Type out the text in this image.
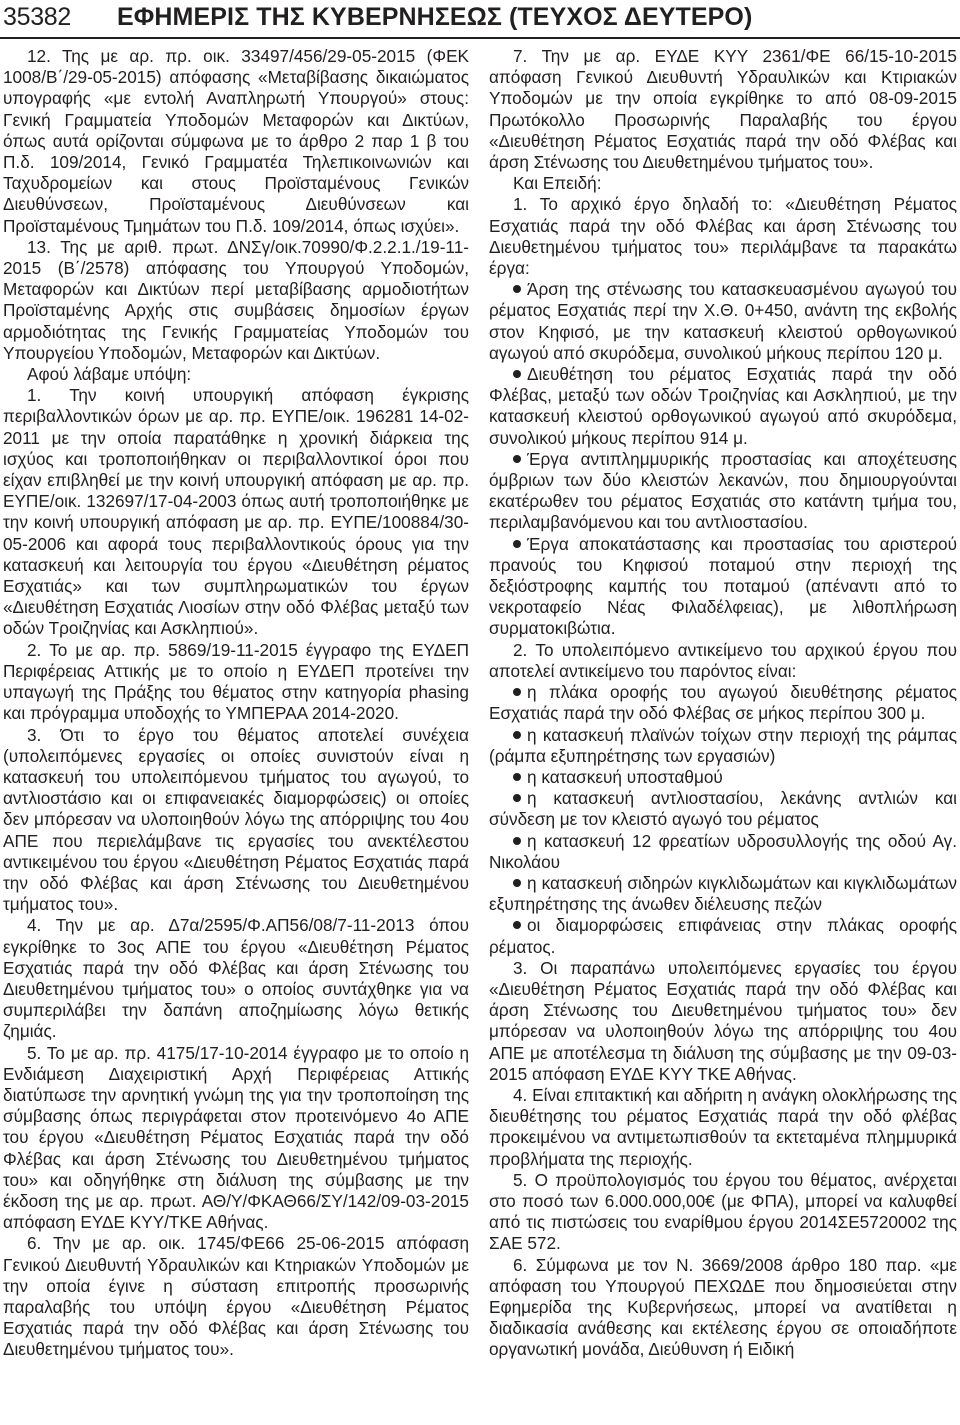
35382 ΕΦΗΜΕΡΙΣ ΤΗΣ ΚΥΒΕΡΝΗΣΕΩΣ (ΤΕΥΧΟΣ ΔΕΥΤΕΡΟ)

12. Της με αρ. πρ. οικ. 33497/456/29-05-2015 (ΦΕΚ 1008/Β΄/29-05-2015) απόφασης «Μεταβίβασης δικαιώματος υπογραφής «με εντολή Αναπληρωτή Υπουργού» στους: Γενική Γραμματεία Υποδομών Μεταφορών και Δικτύων, όπως αυτά ορίζονται σύμφωνα με το άρθρο 2 παρ 1 β του Π.δ. 109/2014, Γενικό Γραμματέα Τηλεπικοινωνιών και Ταχυδρομείων και στους Προϊσταμένους Γενικών Διευθύνσεων, Προϊσταμένους Διευθύνσεων και Προϊσταμένους Τμημάτων του Π.δ. 109/2014, όπως ισχύει».

13. Της με αριθ. πρωτ. ΔΝΣγ/οικ.70990/Φ.2.2.1./19-11-2015 (Β΄/2578) απόφασης του Υπουργού Υποδομών, Μεταφορών και Δικτύων περί μεταβίβασης αρμοδιοτήτων Προϊσταμένης Αρχής στις συμβάσεις δημοσίων έργων αρμοδιότητας της Γενικής Γραμματείας Υποδομών του Υπουργείου Υποδομών, Μεταφορών και Δικτύων.

Αφού λάβαμε υπόψη:

1. Την κοινή υπουργική απόφαση έγκρισης περιβαλλοντικών όρων με αρ. πρ. ΕΥΠΕ/οικ. 196281 14-02-2011 με την οποία παρατάθηκε η χρονική διάρκεια της ισχύος και τροποποιήθηκαν οι περιβαλλοντικοί όροι που είχαν επιβληθεί με την κοινή υπουργική απόφαση με αρ. πρ. ΕΥΠΕ/οικ. 132697/17-04-2003 όπως αυτή τροποποιήθηκε με την κοινή υπουργική απόφαση με αρ. πρ. ΕΥΠΕ/100884/30-05-2006 και αφορά τους περιβαλλοντικούς όρους για την κατασκευή και λειτουργία του έργου «Διευθέτηση ρέματος Εσχατιάς» και των συμπληρωματικών του έργων «Διευθέτηση Εσχατιάς Λιοσίων στην οδό Φλέβας μεταξύ των οδών Τροιζηνίας και Ασκληπιού».

2. Το με αρ. πρ. 5869/19-11-2015 έγγραφο της ΕΥΔΕΠ Περιφέρειας Αττικής με το οποίο η ΕΥΔΕΠ προτείνει την υπαγωγή της Πράξης του θέματος στην κατηγορία phasing και πρόγραμμα υποδοχής το ΥΜΠΕΡΑΑ 2014-2020.

3. Ότι το έργο του θέματος αποτελεί συνέχεια (υπολειπόμενες εργασίες οι οποίες συνιστούν είναι η κατασκευή του υπολειπόμενου τμήματος του αγωγού, το αντλιοστάσιο και οι επιφανειακές διαμορφώσεις) οι οποίες δεν μπόρεσαν να υλοποιηθούν λόγω της απόρριψης του 4ου ΑΠΕ που περιελάμβανε τις εργασίες του ανεκτέλεστου αντικειμένου του έργου «Διευθέτηση Ρέματος Εσχατιάς παρά την οδό Φλέβας και άρση Στένωσης του Διευθετημένου τμήματος του».

4. Την με αρ. Δ7α/2595/Φ.ΑΠ56/08/7-11-2013 όπου εγκρίθηκε το 3ος ΑΠΕ του έργου «Διευθέτηση Ρέματος Εσχατιάς παρά την οδό Φλέβας και άρση Στένωσης του Διευθετημένου τμήματος του» ο οποίος συντάχθηκε για να συμπεριλάβει την δαπάνη αποζημίωσης λόγω θετικής ζημιάς.

5. Το με αρ. πρ. 4175/17-10-2014 έγγραφο με το οποίο η Ενδιάμεση Διαχειριστική Αρχή Περιφέρειας Αττικής διατύπωσε την αρνητική γνώμη της για την τροποποίηση της σύμβασης όπως περιγράφεται στον προτεινόμενο 4ο ΑΠΕ του έργου «Διευθέτηση Ρέματος Εσχατιάς παρά την οδό Φλέβας και άρση Στένωσης του Διευθετημένου τμήματος του» και οδηγήθηκε στη διάλυση της σύμβασης με την έκδοση της με αρ. πρωτ. ΑΘ/Υ/ΦΚΑΘ66/ΣΥ/142/09-03-2015 απόφαση ΕΥΔΕ ΚΥΥ/ΤΚΕ Αθήνας.

6. Την με αρ. οικ. 1745/ΦΕ66 25-06-2015 απόφαση Γενικού Διευθυντή Υδραυλικών και Κτηριακών Υποδομών με την οποία έγινε η σύσταση επιτροπής προσωρινής παραλαβής του υπόψη έργου «Διευθέτηση Ρέματος Εσχατιάς παρά την οδό Φλέβας και άρση Στένωσης του Διευθετημένου τμήματος του».

7. Την με αρ. ΕΥΔΕ ΚΥΥ 2361/ΦΕ 66/15-10-2015 απόφαση Γενικού Διευθυντή Υδραυλικών και Κτιριακών Υποδομών με την οποία εγκρίθηκε το από 08-09-2015 Πρωτόκολλο Προσωρινής Παραλαβής του έργου «Διευθέτηση Ρέματος Εσχατιάς παρά την οδό Φλέβας και άρση Στένωσης του Διευθετημένου τμήματος του».

Και Επειδή:

1. Το αρχικό έργο δηλαδή το: «Διευθέτηση Ρέματος Εσχατιάς παρά την οδό Φλέβας και άρση Στένωσης του Διευθετημένου τμήματος του» περιλάμβανε τα παρακάτω έργα:

Άρση της στένωσης του κατασκευασμένου αγωγού του ρέματος Εσχατιάς περί την Χ.Θ. 0+450, ανάντη της εκβολής στον Κηφισό, με την κατασκευή κλειστού ορθογωνικού αγωγού από σκυρόδεμα, συνολικού μήκους περίπου 120 μ.

Διευθέτηση του ρέματος Εσχατιάς παρά την οδό Φλέβας, μεταξύ των οδών Τροιζηνίας και Ασκληπιού, με την κατασκευή κλειστού ορθογωνικού αγωγού από σκυρόδεμα, συνολικού μήκους περίπου 914 μ.

Έργα αντιπλημμυρικής προστασίας και αποχέτευσης όμβριων των δύο κλειστών λεκανών, που δημιουργούνται εκατέρωθεν του ρέματος Εσχατιάς στο κατάντη τμήμα του, περιλαμβανόμενου και του αντλιοστασίου.

Έργα αποκατάστασης και προστασίας του αριστερού πρανούς του Κηφισού ποταμού στην περιοχή της δεξιόστροφης καμπής του ποταμού (απέναντι από το νεκροταφείο Νέας Φιλαδέλφειας), με λιθοπλήρωση συρματοκιβώτια.

2. Το υπολειπόμενο αντικείμενο του αρχικού έργου που αποτελεί αντικείμενο του παρόντος είναι:

η πλάκα οροφής του αγωγού διευθέτησης ρέματος Εσχατιάς παρά την οδό Φλέβας σε μήκος περίπου 300 μ.

η κατασκευή πλαϊνών τοίχων στην περιοχή της ράμπας (ράμπα εξυπηρέτησης των εργασιών)

η κατασκευή υποσταθμού

η κατασκευή αντλιοστασίου, λεκάνης αντλιών και σύνδεση με τον κλειστό αγωγό του ρέματος

η κατασκευή 12 φρεατίων υδροσυλλογής της οδού Αγ. Νικολάου

η κατασκευή σιδηρών κιγκλιδωμάτων και κιγκλιδωμάτων εξυπηρέτησης της άνωθεν διέλευσης πεζών

οι διαμορφώσεις επιφάνειας στην πλάκας οροφής ρέματος.

3. Οι παραπάνω υπολειπόμενες εργασίες του έργου «Διευθέτηση Ρέματος Εσχατιάς παρά την οδό Φλέβας και άρση Στένωσης του Διευθετημένου τμήματος του» δεν μπόρεσαν να υλοποιηθούν λόγω της απόρριψης του 4ου ΑΠΕ με αποτέλεσμα τη διάλυση της σύμβασης με την 09-03-2015 απόφαση ΕΥΔΕ ΚΥΥ ΤΚΕ Αθήνας.

4. Είναι επιτακτική και αδήριτη η ανάγκη ολοκλήρωσης της διευθέτησης του ρέματος Εσχατιάς παρά την οδό φλέβας προκειμένου να αντιμετωπισθούν τα εκτεταμένα πλημμυρικά προβλήματα της περιοχής.

5. Ο προϋπολογισμός του έργου του θέματος, ανέρχεται στο ποσό των 6.000.000,00€ (με ΦΠΑ), μπορεί να καλυφθεί από τις πιστώσεις του εναρίθμου έργου 2014ΣΕ5720002 της ΣΑΕ 572.

6. Σύμφωνα με τον Ν. 3669/2008 άρθρο 180 παρ. «με απόφαση του Υπουργού ΠΕΧΩΔΕ που δημοσιεύεται στην Εφημερίδα της Κυβερνήσεως, μπορεί να ανατίθεται η διαδικασία ανάθεσης και εκτέλεσης έργου σε οποιαδήποτε οργανωτική μονάδα, Διεύθυνση ή Ειδική
